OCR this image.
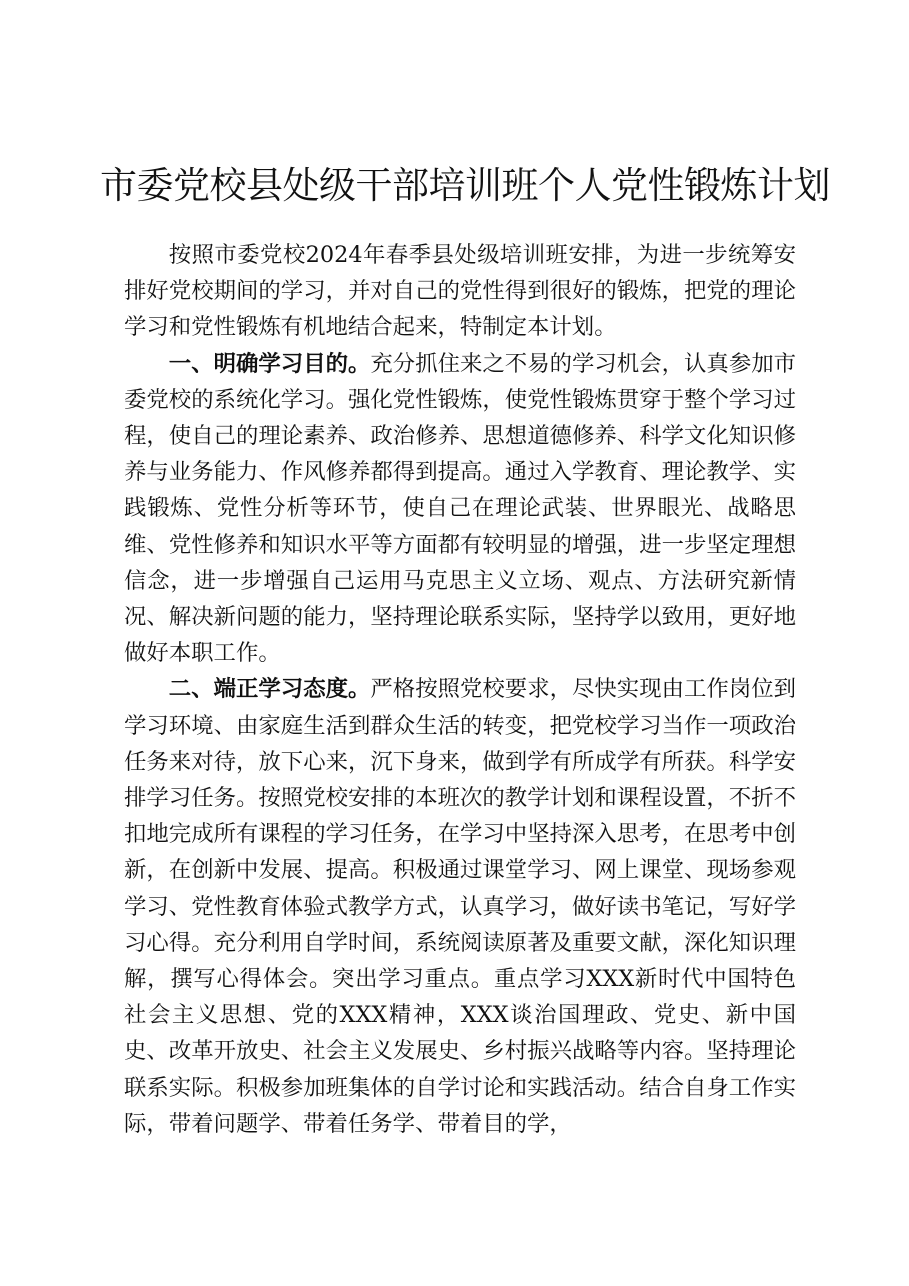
市委党校县处级干部培训班个人党性锻炼计划

按照市委党校2024年春季县处级培训班安排，为进一步统筹安排好党校期间的学习，并对自己的党性得到很好的锻炼，把党的理论学习和党性锻炼有机地结合起来，特制定本计划。

一、明确学习目的。充分抓住来之不易的学习机会，认真参加市委党校的系统化学习。强化党性锻炼，使党性锻炼贯穿于整个学习过程，使自己的理论素养、政治修养、思想道德修养、科学文化知识修养与业务能力、作风修养都得到提高。通过入学教育、理论教学、实践锻炼、党性分析等环节，使自己在理论武装、世界眼光、战略思维、党性修养和知识水平等方面都有较明显的增强，进一步坚定理想信念，进一步增强自己运用马克思主义立场、观点、方法研究新情况、解决新问题的能力，坚持理论联系实际，坚持学以致用，更好地做好本职工作。

二、端正学习态度。严格按照党校要求，尽快实现由工作岗位到学习环境、由家庭生活到群众生活的转变，把党校学习当作一项政治任务来对待，放下心来，沉下身来，做到学有所成学有所获。科学安排学习任务。按照党校安排的本班次的教学计划和课程设置，不折不扣地完成所有课程的学习任务，在学习中坚持深入思考，在思考中创新，在创新中发展、提高。积极通过课堂学习、网上课堂、现场参观学习、党性教育体验式教学方式，认真学习，做好读书笔记，写好学习心得。充分利用自学时间，系统阅读原著及重要文献，深化知识理解，撰写心得体会。突出学习重点。重点学习XXX新时代中国特色社会主义思想、党的XXX精神，XXX谈治国理政、党史、新中国史、改革开放史、社会主义发展史、乡村振兴战略等内容。坚持理论联系实际。积极参加班集体的自学讨论和实践活动。结合自身工作实际，带着问题学、带着任务学、带着目的学，
